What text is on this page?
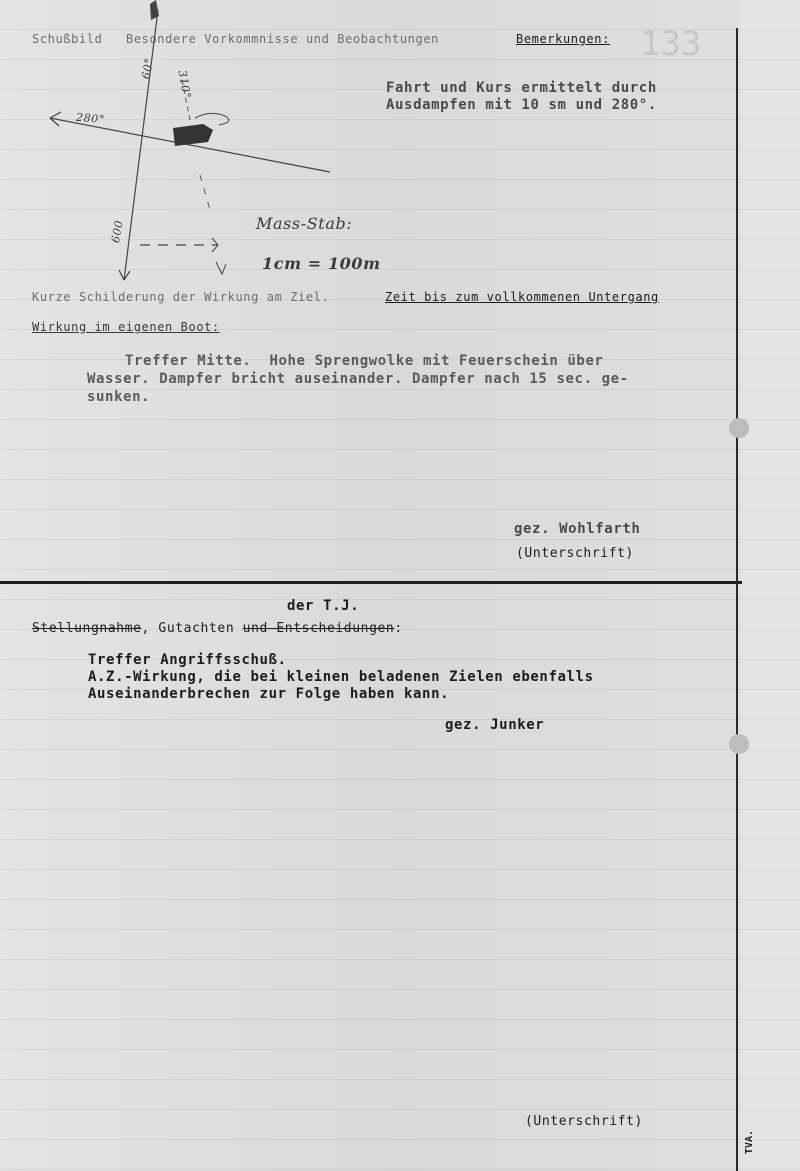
133
Schußbild Besondere Vorkommnisse und Beobachtungen	Bemerkungen:
Fahrt und Kurs ermittelt durch
Ausdampfen mit 10 sm und 280°.
280°
310°
60°
600	Mass-Stab:
1cm = 100m
Kurze Schilderung der Wirkung am Ziel.	Zeit bis zum vollkommenen Untergang
Wirkung im eigenen Boot:
Treffer Mitte.  Hohe Sprengwolke mit Feuerschein über
Wasser. Dampfer bricht auseinander. Dampfer nach 15 sec. ge-
sunken.
gez. Wohlfarth
(Unterschrift)
der T.J.
Stellungnahme, Gutachten und Entscheidungen:
Treffer Angriffsschuß.
A.Z.-Wirkung, die bei kleinen beladenen Zielen ebenfalls
Auseinanderbrechen zur Folge haben kann.
gez. Junker
(Unterschrift)
TVA.
